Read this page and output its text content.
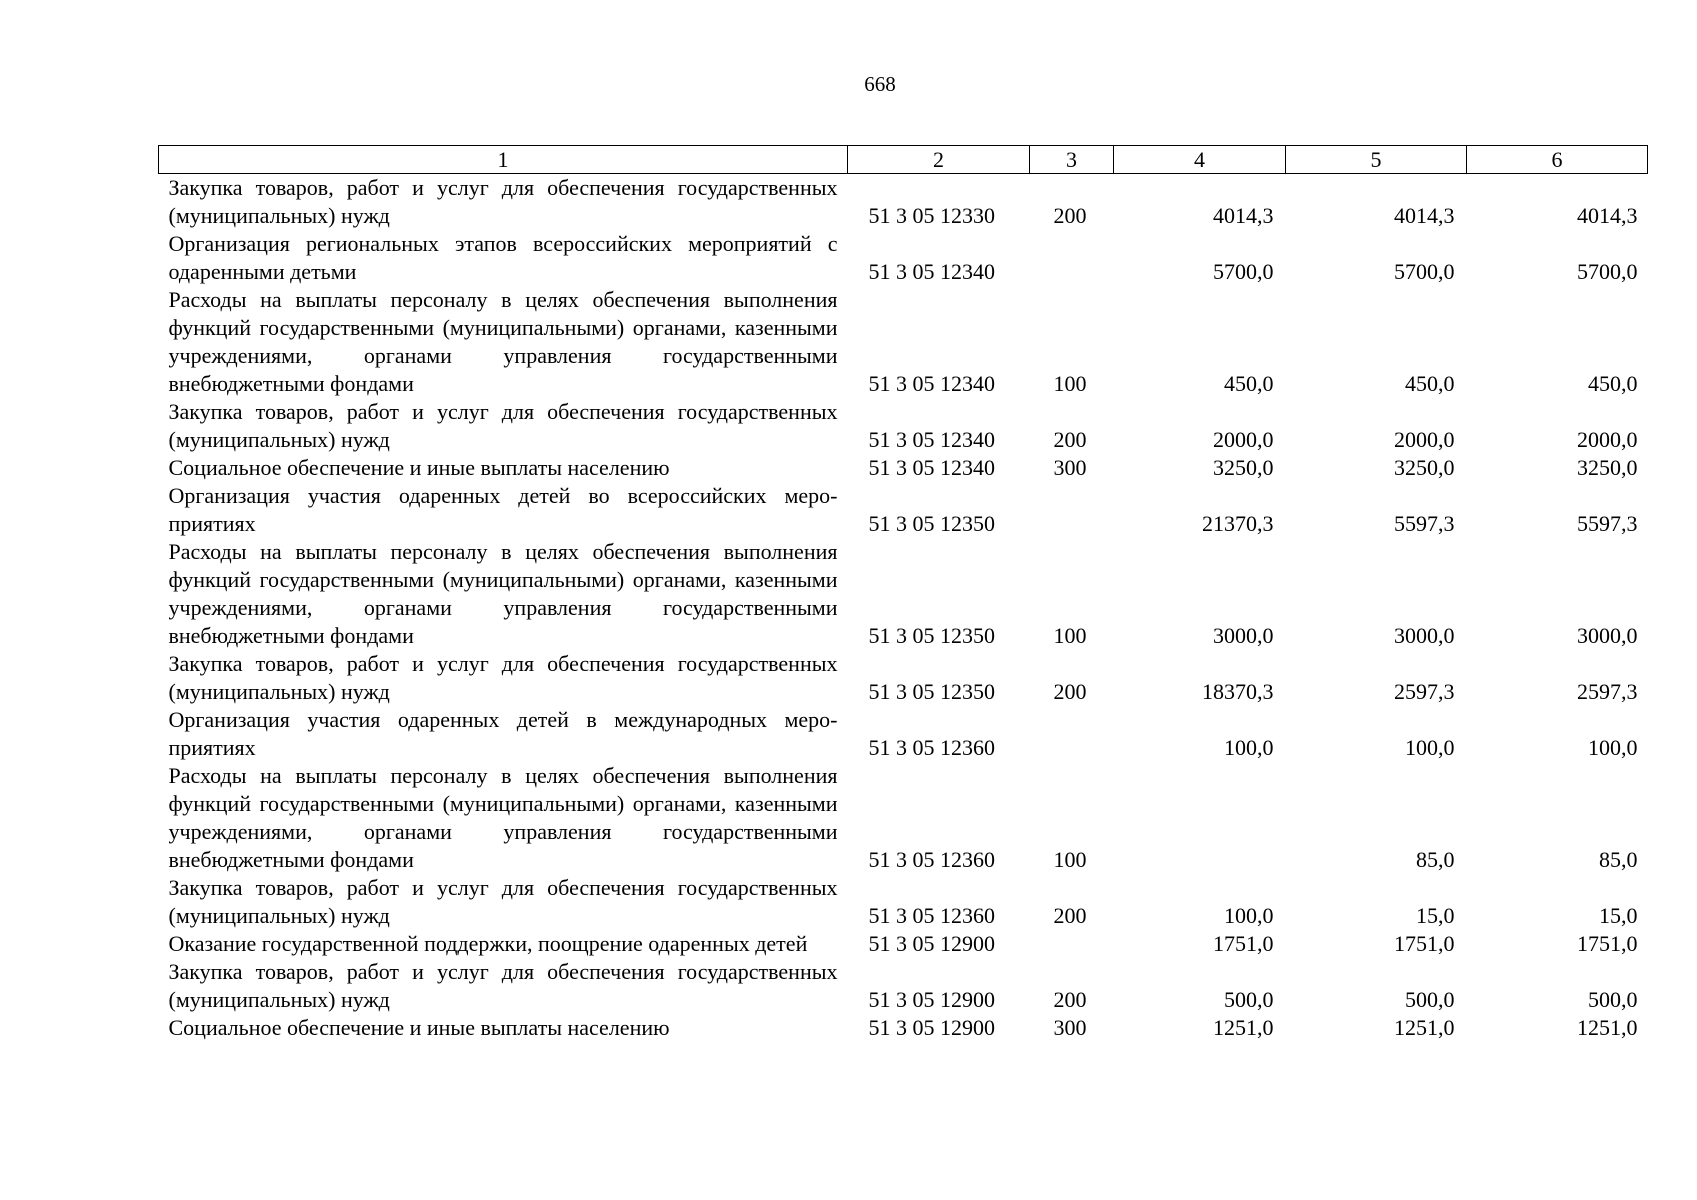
668
1	2	3	4	5	6
Закупка товаров, работ и услуг для обеспечения государственных (муниципальных) нужд	51 3 05 12330	200	4014,3	4014,3	4014,3
Организация региональных этапов всероссийских мероприятий с одаренными детьми	51 3 05 12340		5700,0	5700,0	5700,0
Расходы на выплаты персоналу в целях обеспечения выполнения функций государственными (муниципальными) органами, казенными учреждениями, органами управления государственными внебюджетными фондами	51 3 05 12340	100	450,0	450,0	450,0
Закупка товаров, работ и услуг для обеспечения государственных (муниципальных) нужд	51 3 05 12340	200	2000,0	2000,0	2000,0
Социальное обеспечение и иные выплаты населению	51 3 05 12340	300	3250,0	3250,0	3250,0
Организация участия одаренных детей во всероссийских мероприятиях	51 3 05 12350		21370,3	5597,3	5597,3
Расходы на выплаты персоналу в целях обеспечения выполнения функций государственными (муниципальными) органами, казенными учреждениями, органами управления государственными внебюджетными фондами	51 3 05 12350	100	3000,0	3000,0	3000,0
Закупка товаров, работ и услуг для обеспечения государственных (муниципальных) нужд	51 3 05 12350	200	18370,3	2597,3	2597,3
Организация участия одаренных детей в международных мероприятиях	51 3 05 12360		100,0	100,0	100,0
Расходы на выплаты персоналу в целях обеспечения выполнения функций государственными (муниципальными) органами, казенными учреждениями, органами управления государственными внебюджетными фондами	51 3 05 12360	100		85,0	85,0
Закупка товаров, работ и услуг для обеспечения государственных (муниципальных) нужд	51 3 05 12360	200	100,0	15,0	15,0
Оказание государственной поддержки, поощрение одаренных детей	51 3 05 12900		1751,0	1751,0	1751,0
Закупка товаров, работ и услуг для обеспечения государственных (муниципальных) нужд	51 3 05 12900	200	500,0	500,0	500,0
Социальное обеспечение и иные выплаты населению	51 3 05 12900	300	1251,0	1251,0	1251,0
